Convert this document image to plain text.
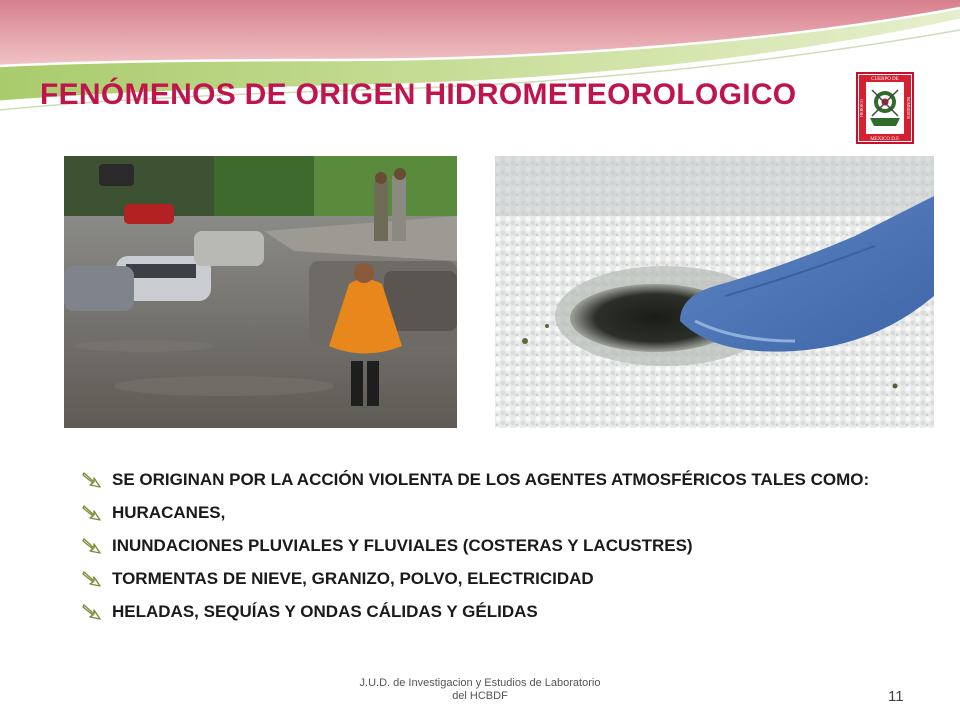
FENÓMENOS DE ORIGEN HIDROMETEOROLOGICO	CUERPO DE
MEXICO D.F.
ACADEMIA
HEROICO	BOMBEROS
SE ORIGINAN POR LA ACCIÓN VIOLENTA DE LOS AGENTES ATMOSFÉRICOS TALES COMO:
HURACANES,
INUNDACIONES PLUVIALES Y FLUVIALES (COSTERAS Y LACUSTRES)
TORMENTAS DE NIEVE, GRANIZO, POLVO, ELECTRICIDAD
HELADAS, SEQUÍAS Y ONDAS CÁLIDAS Y GÉLIDAS
J.U.D. de Investigacion y Estudios de Laboratorio
del HCBDF	11
